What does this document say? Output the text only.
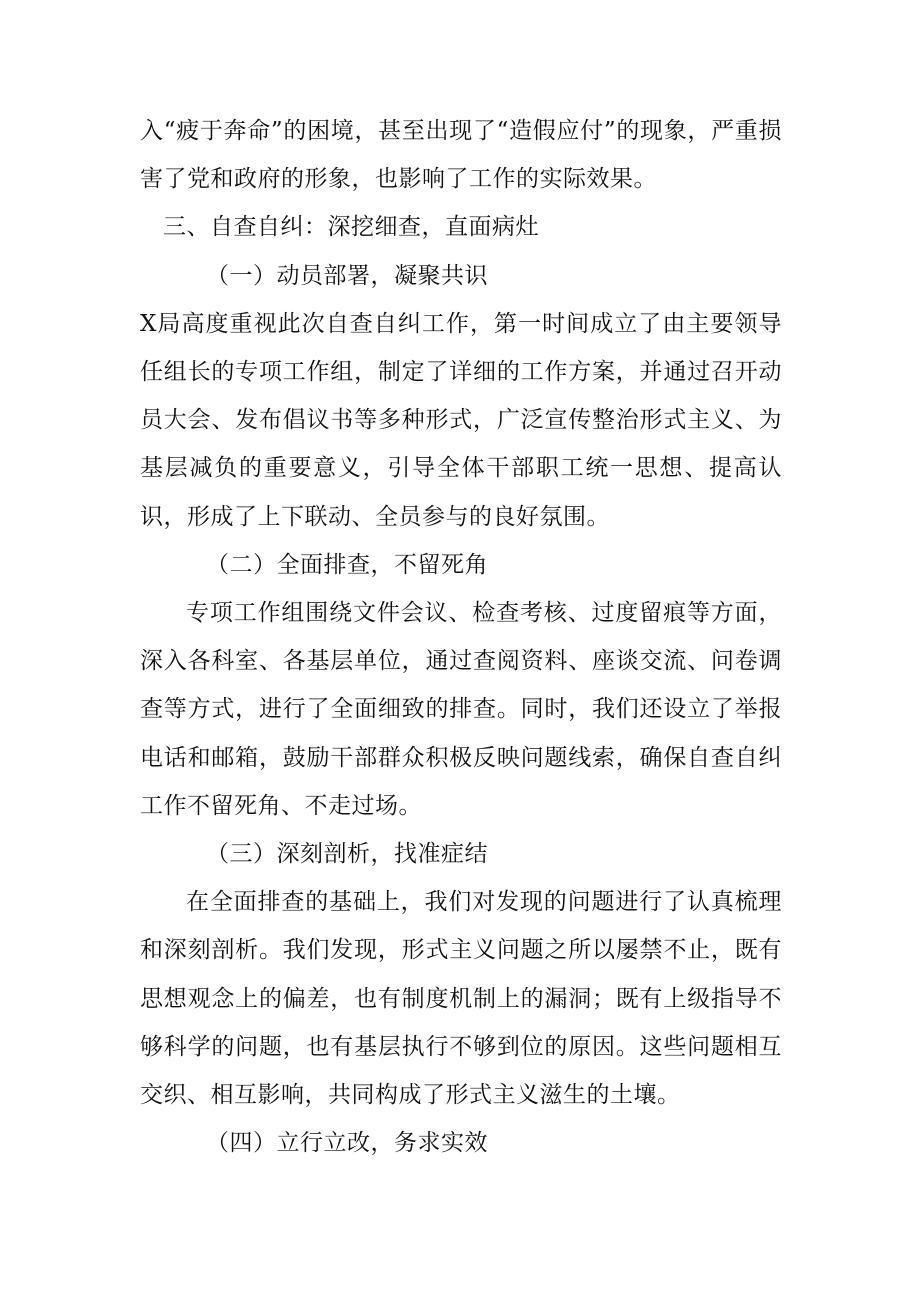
入“疲于奔命”的困境，甚至出现了“造假应付”的现象，严重损害了党和政府的形象，也影响了工作的实际效果。

三、自查自纠：深挖细查，直面病灶

（一）动员部署，凝聚共识

X局高度重视此次自查自纠工作，第一时间成立了由主要领导任组长的专项工作组，制定了详细的工作方案，并通过召开动员大会、发布倡议书等多种形式，广泛宣传整治形式主义、为基层减负的重要意义，引导全体干部职工统一思想、提高认识，形成了上下联动、全员参与的良好氛围。

（二）全面排查，不留死角

专项工作组围绕文件会议、检查考核、过度留痕等方面，深入各科室、各基层单位，通过查阅资料、座谈交流、问卷调查等方式，进行了全面细致的排查。同时，我们还设立了举报电话和邮箱，鼓励干部群众积极反映问题线索，确保自查自纠工作不留死角、不走过场。

（三）深刻剖析，找准症结

在全面排查的基础上，我们对发现的问题进行了认真梳理和深刻剖析。我们发现，形式主义问题之所以屡禁不止，既有思想观念上的偏差，也有制度机制上的漏洞；既有上级指导不够科学的问题，也有基层执行不够到位的原因。这些问题相互交织、相互影响，共同构成了形式主义滋生的土壤。

（四）立行立改，务求实效
